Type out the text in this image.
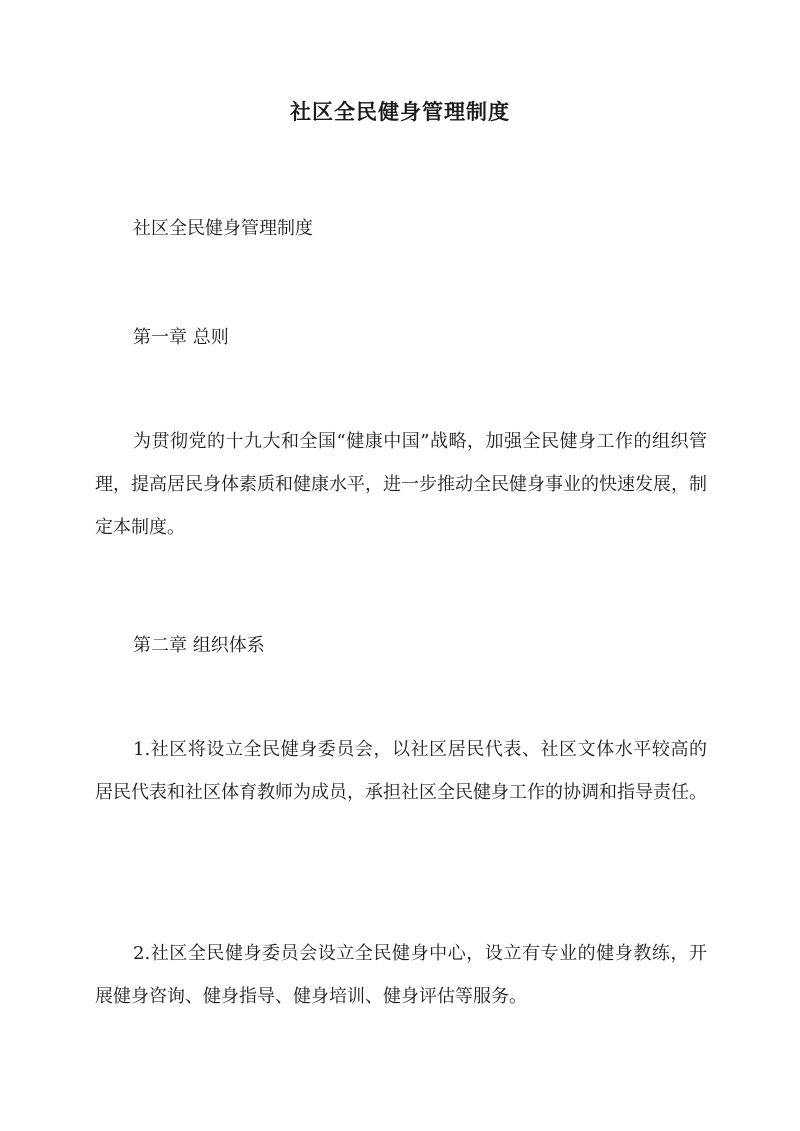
社区全民健身管理制度

社区全民健身管理制度

第一章 总则

为贯彻党的十九大和全国“健康中国”战略，加强全民健身工作的组织管理，提高居民身体素质和健康水平，进一步推动全民健身事业的快速发展，制定本制度。

第二章 组织体系

1.社区将设立全民健身委员会，以社区居民代表、社区文体水平较高的居民代表和社区体育教师为成员，承担社区全民健身工作的协调和指导责任。

2.社区全民健身委员会设立全民健身中心，设立有专业的健身教练，开展健身咨询、健身指导、健身培训、健身评估等服务。
